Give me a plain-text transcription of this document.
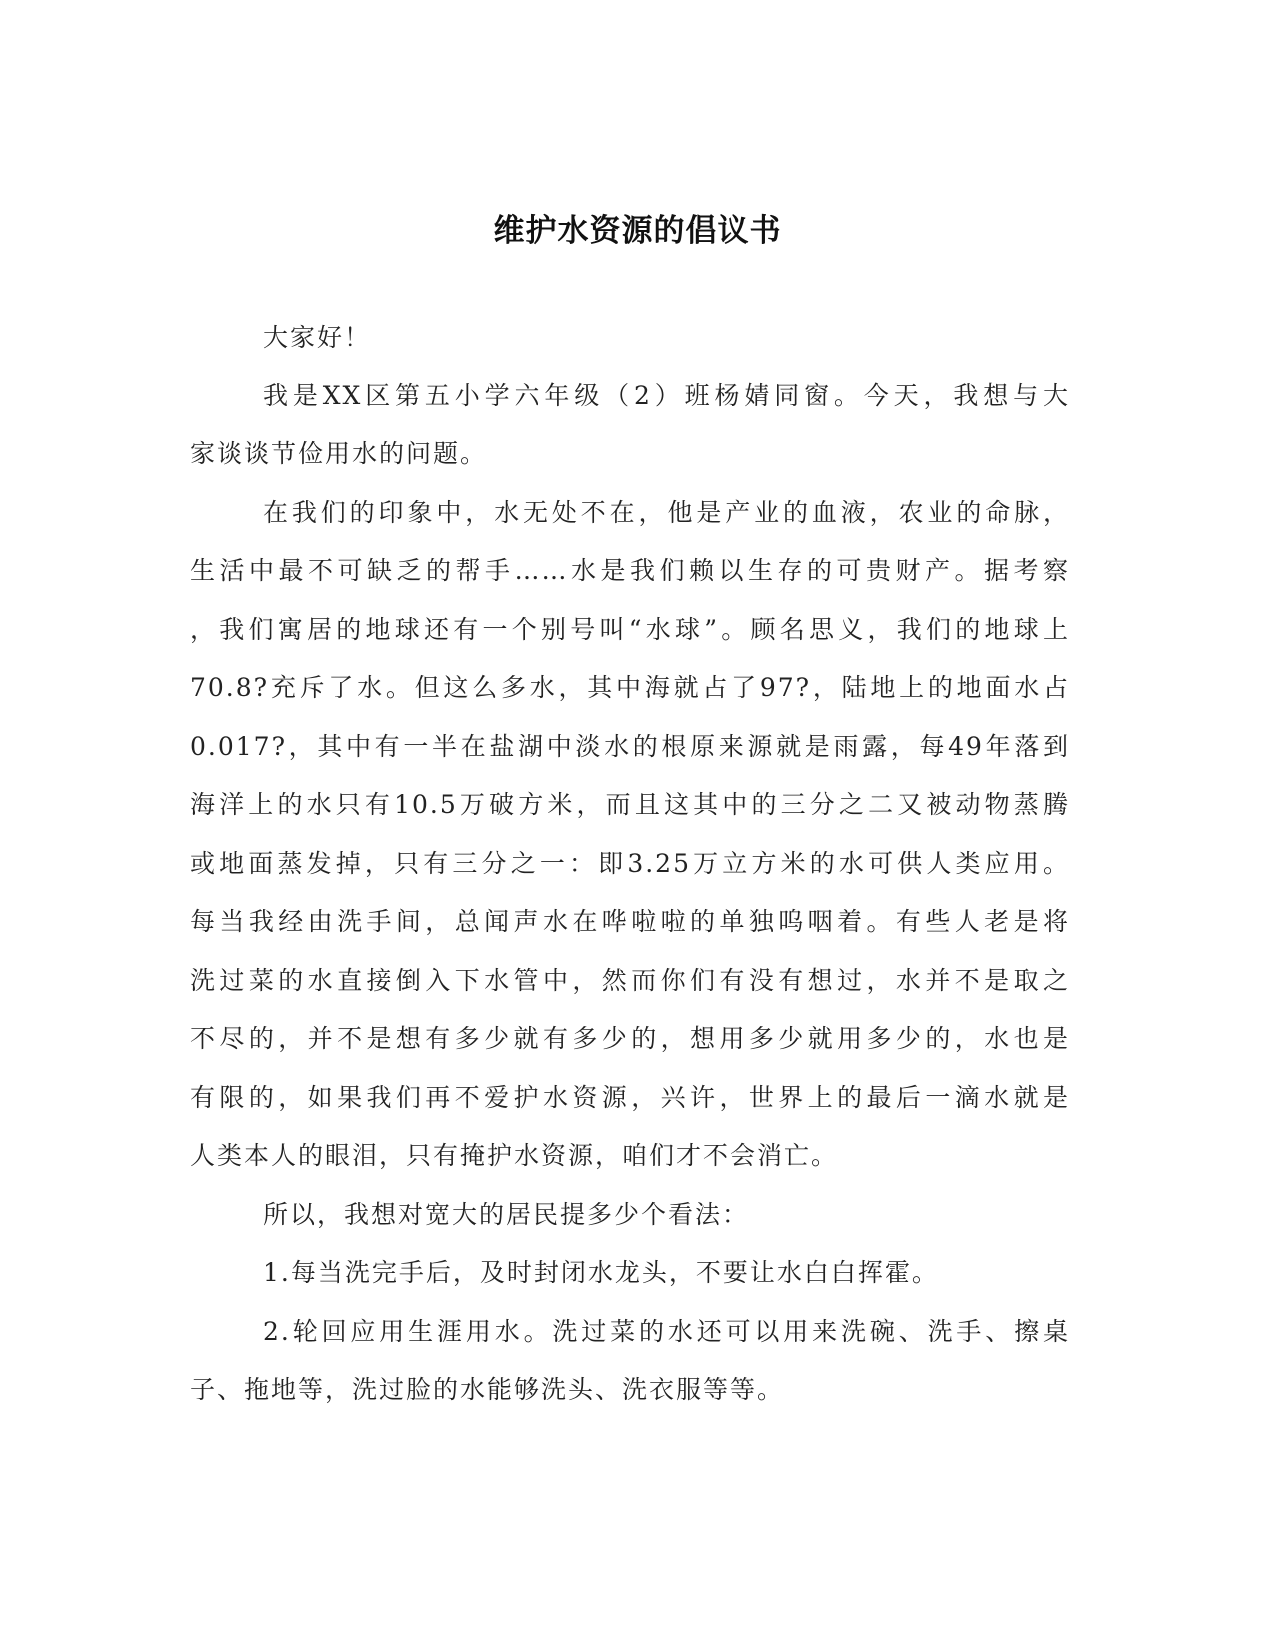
维护水资源的倡议书

大家好！

我是XX区第五小学六年级（2）班杨婧同窗。今天，我想与大

家谈谈节俭用水的问题。

在我们的印象中，水无处不在，他是产业的血液，农业的命脉，

生活中最不可缺乏的帮手……水是我们赖以生存的可贵财产。据考察

，我们寓居的地球还有一个别号叫“水球”。顾名思义，我们的地球上

70.8?充斥了水。但这么多水，其中海就占了97?，陆地上的地面水占

0.017?，其中有一半在盐湖中淡水的根原来源就是雨露，每49年落到

海洋上的水只有10.5万破方米，而且这其中的三分之二又被动物蒸腾

或地面蒸发掉，只有三分之一：即3.25万立方米的水可供人类应用。

每当我经由洗手间，总闻声水在哗啦啦的单独呜咽着。有些人老是将

洗过菜的水直接倒入下水管中，然而你们有没有想过，水并不是取之

不尽的，并不是想有多少就有多少的，想用多少就用多少的，水也是

有限的，如果我们再不爱护水资源，兴许，世界上的最后一滴水就是

人类本人的眼泪，只有掩护水资源，咱们才不会消亡。

所以，我想对宽大的居民提多少个看法：

1.每当洗完手后，及时封闭水龙头，不要让水白白挥霍。

2.轮回应用生涯用水。洗过菜的水还可以用来洗碗、洗手、擦桌

子、拖地等，洗过脸的水能够洗头、洗衣服等等。
